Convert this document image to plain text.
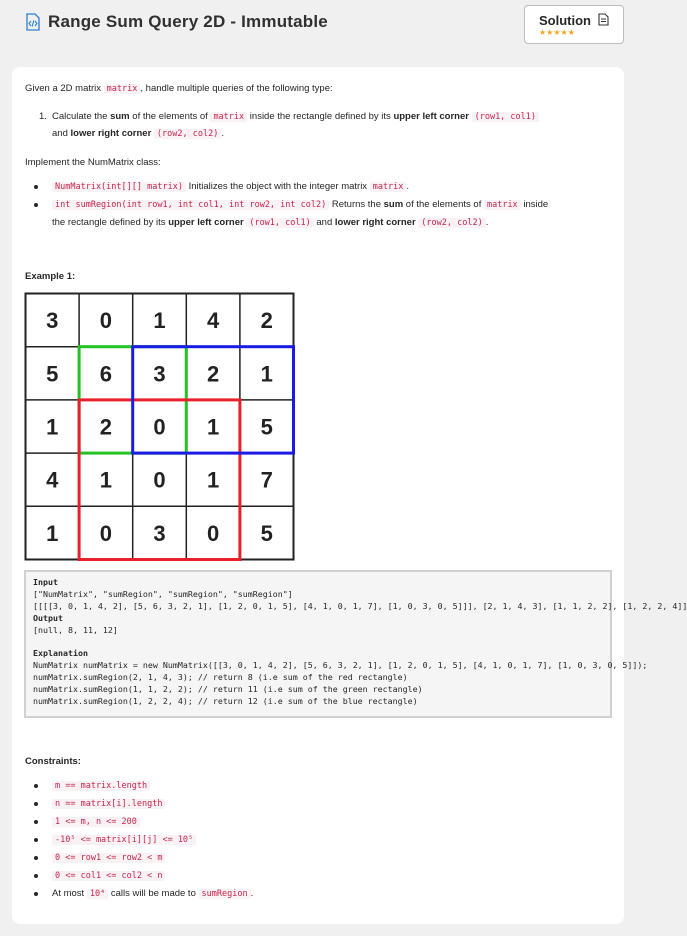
Range Sum Query 2D - Immutable	Solution
★★★★★
Given a 2D matrix matrix , handle multiple queries of the following type:
1. Calculate the sum of the elements of matrix inside the rectangle defined by its upper left corner (row1, col1)
and lower right corner (row2, col2) .
Implement the NumMatrix class:
NumMatrix(int[][] matrix) Initializes the object with the integer matrix matrix .
int sumRegion(int row1, int col1, int row2, int col2) Returns the sum of the elements of matrix inside
the rectangle defined by its upper left corner (row1, col1) and lower right corner (row2, col2) .
Example 1:
3 0 1 4 2
5 6 3 2 1
1 2 0 1 5
4 1 0 1 7
1 0 3 0 5
Input
["NumMatrix", "sumRegion", "sumRegion", "sumRegion"]
[[[[3, 0, 1, 4, 2], [5, 6, 3, 2, 1], [1, 2, 0, 1, 5], [4, 1, 0, 1, 7], [1, 0, 3, 0, 5]]], [2, 1, 4, 3], [1, 1, 2, 2], [1, 2, 2, 4]]
Output
[null, 8, 11, 12]
Explanation
NumMatrix numMatrix = new NumMatrix([[3, 0, 1, 4, 2], [5, 6, 3, 2, 1], [1, 2, 0, 1, 5], [4, 1, 0, 1, 7], [1, 0, 3, 0, 5]]);
numMatrix.sumRegion(2, 1, 4, 3); // return 8 (i.e sum of the red rectangle)
numMatrix.sumRegion(1, 1, 2, 2); // return 11 (i.e sum of the green rectangle)
numMatrix.sumRegion(1, 2, 2, 4); // return 12 (i.e sum of the blue rectangle)
Constraints:
m == matrix.length
n == matrix[i].length
1 <= m, n <= 200
-10⁵ <= matrix[i][j] <= 10⁵
0 <= row1 <= row2 < m
0 <= col1 <= col2 < n
At most 10⁴ calls will be made to sumRegion .
